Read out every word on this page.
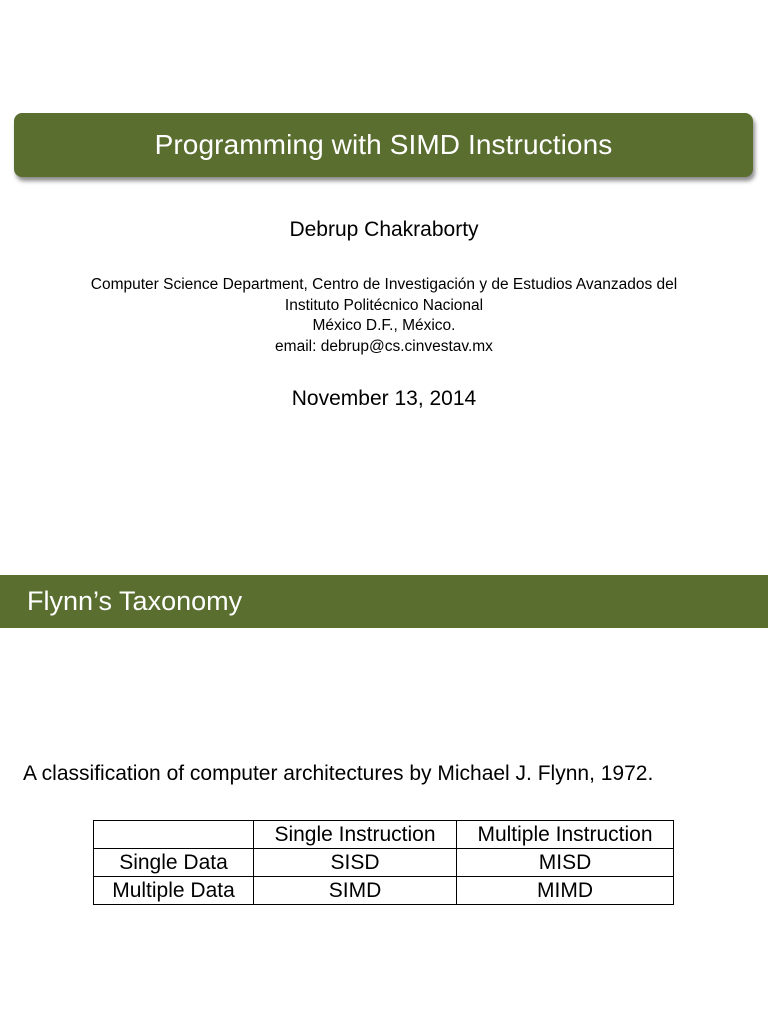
Programming with SIMD Instructions
Debrup Chakraborty
Computer Science Department, Centro de Investigación y de Estudios Avanzados del
Instituto Politécnico Nacional
México D.F., México.
email: debrup@cs.cinvestav.mx
November 13, 2014
Flynn’s Taxonomy
A classification of computer architectures by Michael J. Flynn, 1972.
	Single Instruction	Multiple Instruction
Single Data	SISD	MISD
Multiple Data	SIMD	MIMD
